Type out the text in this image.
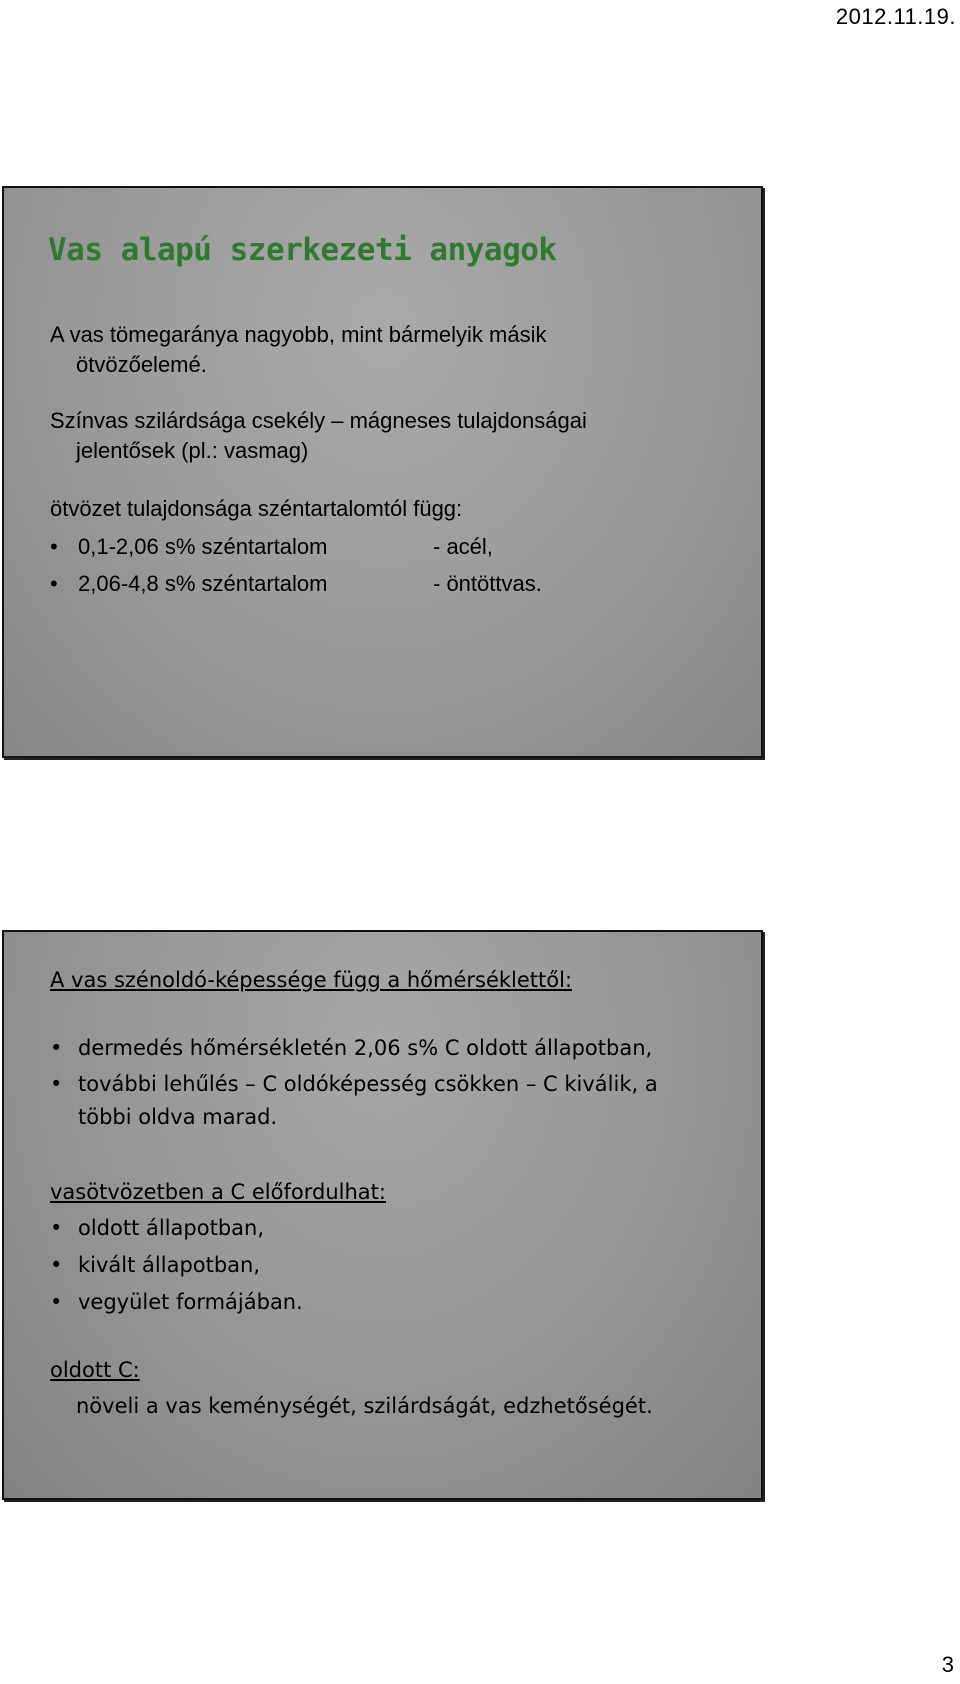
2012.11.19.
Vas alapú szerkezeti anyagok
A vas tömegaránya nagyobb, mint bármelyik másik
ötvözőelemé.
Színvas szilárdsága csekély – mágneses tulajdonságai
jelentősek (pl.: vasmag)
ötvözet tulajdonsága széntartalomtól függ:
• 0,1-2,06 s% széntartalom	- acél,
• 2,06-4,8 s% széntartalom	- öntöttvas.
A vas szénoldó-képessége függ a hőmérséklettől:
• dermedés hőmérsékletén 2,06 s% C oldott állapotban,
• további lehűlés – C oldóképesség csökken – C kiválik, a
többi oldva marad.
vasötvözetben a C előfordulhat:
• oldott állapotban,
• kivált állapotban,
• vegyület formájában.
oldott C:
növeli a vas keménységét, szilárdságát, edzhetőségét.
3
